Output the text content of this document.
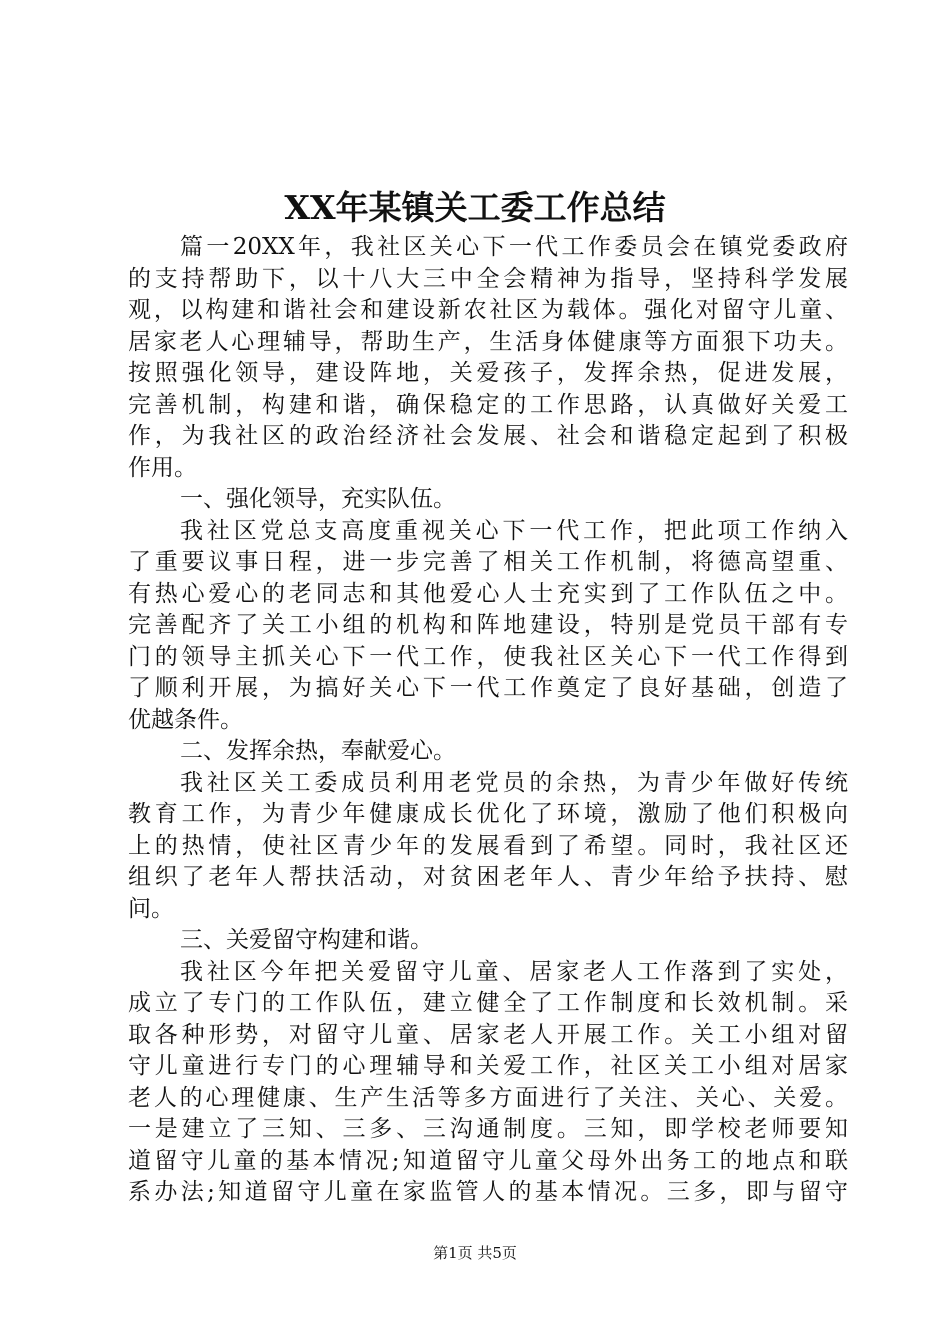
XX年某镇关工委工作总结
篇一20XX年，我社区关心下一代工作委员会在镇党委政府
的支持帮助下，以十八大三中全会精神为指导，坚持科学发展
观，以构建和谐社会和建设新农社区为载体。强化对留守儿童、
居家老人心理辅导，帮助生产，生活身体健康等方面狠下功夫。
按照强化领导，建设阵地，关爱孩子，发挥余热，促进发展，
完善机制，构建和谐，确保稳定的工作思路，认真做好关爱工
作，为我社区的政治经济社会发展、社会和谐稳定起到了积极
作用。
一、强化领导，充实队伍。
我社区党总支高度重视关心下一代工作，把此项工作纳入
了重要议事日程，进一步完善了相关工作机制，将德高望重、
有热心爱心的老同志和其他爱心人士充实到了工作队伍之中。
完善配齐了关工小组的机构和阵地建设，特别是党员干部有专
门的领导主抓关心下一代工作，使我社区关心下一代工作得到
了顺利开展，为搞好关心下一代工作奠定了良好基础，创造了
优越条件。
二、发挥余热，奉献爱心。
我社区关工委成员利用老党员的余热，为青少年做好传统
教育工作，为青少年健康成长优化了环境，激励了他们积极向
上的热情，使社区青少年的发展看到了希望。同时，我社区还
组织了老年人帮扶活动，对贫困老年人、青少年给予扶持、慰
问。
三、关爱留守构建和谐。
我社区今年把关爱留守儿童、居家老人工作落到了实处，
成立了专门的工作队伍，建立健全了工作制度和长效机制。采
取各种形势，对留守儿童、居家老人开展工作。关工小组对留
守儿童进行专门的心理辅导和关爱工作，社区关工小组对居家
老人的心理健康、生产生活等多方面进行了关注、关心、关爱。
一是建立了三知、三多、三沟通制度。三知，即学校老师要知
道留守儿童的基本情况;知道留守儿童父母外出务工的地点和联
系办法;知道留守儿童在家监管人的基本情况。三多，即与留守
第1页 共5页
